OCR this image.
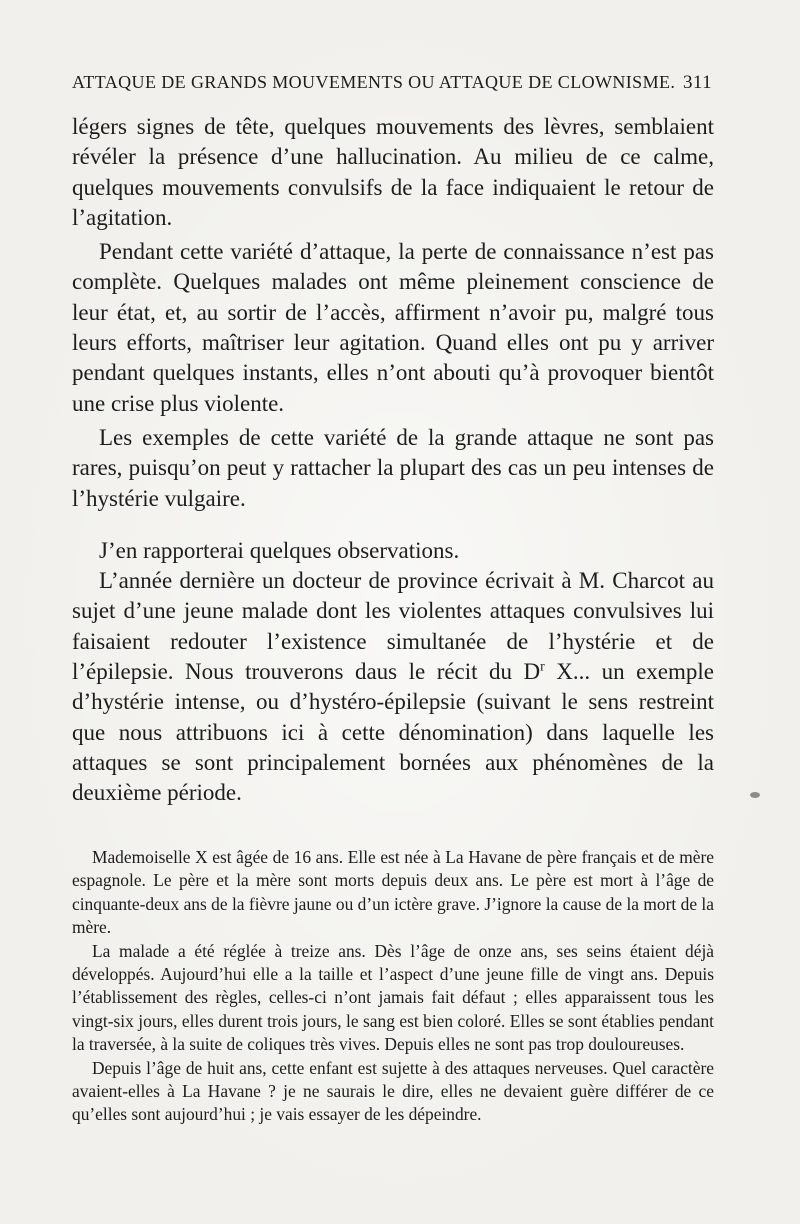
ATTAQUE DE GRANDS MOUVEMENTS OU ATTAQUE DE CLOWNISME. 311

légers signes de tête, quelques mouvements des lèvres, semblaient révéler la présence d’une hallucination. Au milieu de ce calme, quelques mouvements convulsifs de la face indiquaient le retour de l’agitation.

Pendant cette variété d’attaque, la perte de connaissance n’est pas complète. Quelques malades ont même pleinement conscience de leur état, et, au sortir de l’accès, affirment n’avoir pu, malgré tous leurs efforts, maîtriser leur agitation. Quand elles ont pu y arriver pendant quelques instants, elles n’ont abouti qu’à provoquer bientôt une crise plus violente.

Les exemples de cette variété de la grande attaque ne sont pas rares, puisqu’on peut y rattacher la plupart des cas un peu intenses de l’hystérie vulgaire.

J’en rapporterai quelques observations.

L’année dernière un docteur de province écrivait à M. Charcot au sujet d’une jeune malade dont les violentes attaques convulsives lui faisaient redouter l’existence simultanée de l’hystérie et de l’épilepsie. Nous trouverons daus le récit du $D^r$ X... un exemple d’hystérie intense, ou d’hystéro-épilepsie (suivant le sens restreint que nous attribuons ici à cette dénomination) dans laquelle les attaques se sont principalement bornées aux phénomènes de la deuxième période.

Mademoiselle X est âgée de 16 ans. Elle est née à La Havane de père français et de mère espagnole. Le père et la mère sont morts depuis deux ans. Le père est mort à l’âge de cinquante-deux ans de la fièvre jaune ou d’un ictère grave. J’ignore la cause de la mort de la mère.

La malade a été réglée à treize ans. Dès l’âge de onze ans, ses seins étaient déjà développés. Aujourd’hui elle a la taille et l’aspect d’une jeune fille de vingt ans. Depuis l’établissement des règles, celles-ci n’ont jamais fait défaut ; elles apparaissent tous les vingt-six jours, elles durent trois jours, le sang est bien coloré. Elles se sont établies pendant la traversée, à la suite de coliques très vives. Depuis elles ne sont pas trop douloureuses.

Depuis l’âge de huit ans, cette enfant est sujette à des attaques nerveuses. Quel caractère avaient-elles à La Havane ? je ne saurais le dire, elles ne devaient guère différer de ce qu’elles sont aujourd’hui ; je vais essayer de les dépeindre.
